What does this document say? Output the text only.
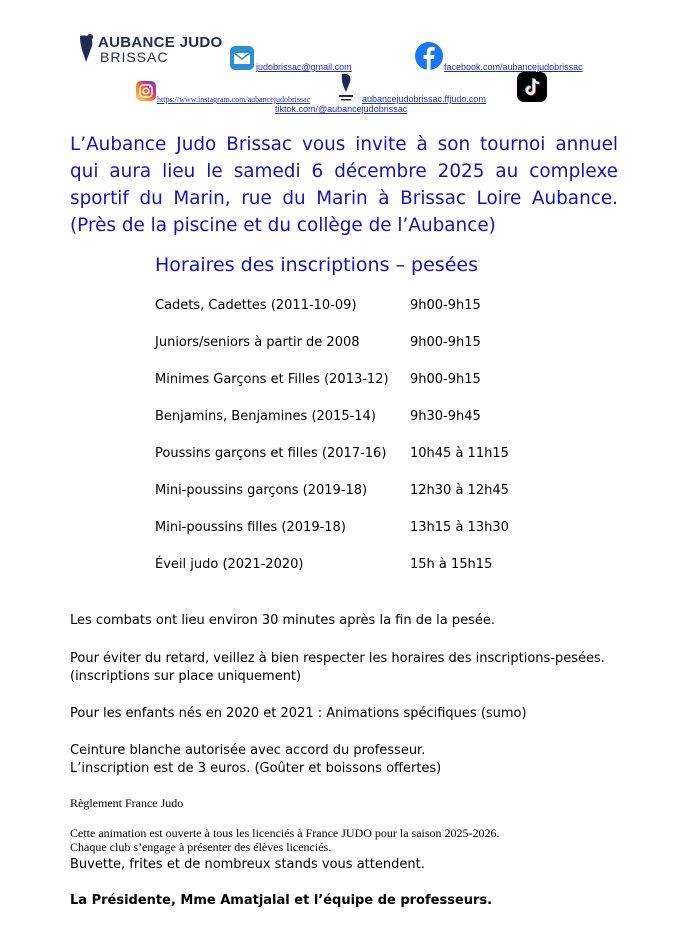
AUBANCE JUDO
BRISSAC
judobrissac@gmail.com	facebook.com/aubancejudobrissac
https://www.instagram.com/aubancejudobrissac	aubancejudobrissac.ffjudo.com
tiktok.com/@aubancejudobrissac
L’Aubance Judo Brissac vous invite à son tournoi annuel qui aura lieu le samedi 6 décembre 2025 au complexe sportif du Marin, rue du Marin à Brissac Loire Aubance. (Près de la piscine et du collège de l’Aubance)
Horaires des inscriptions – pesées
Cadets, Cadettes (2011-10-09)	9h00-9h15
Juniors/seniors à partir de 2008	9h00-9h15
Minimes Garçons et Filles (2013-12) 9h00-9h15
Benjamins, Benjamines (2015-14)	9h30-9h45
Poussins garçons et filles (2017-16) 10h45 à 11h15
Mini-poussins garçons (2019-18)	12h30 à 12h45
Mini-poussins filles (2019-18)	13h15 à 13h30
Éveil judo (2021-2020)	15h à 15h15
Les combats ont lieu environ 30 minutes après la fin de la pesée.
Pour éviter du retard, veillez à bien respecter les horaires des inscriptions-pesées.
(inscriptions sur place uniquement)
Pour les enfants nés en 2020 et 2021 : Animations spécifiques (sumo)
Ceinture blanche autorisée avec accord du professeur.
L’inscription est de 3 euros. (Goûter et boissons offertes)
Règlement France Judo
Cette animation est ouverte à tous les licenciés à France JUDO pour la saison 2025-2026.
Chaque club s’engage à présenter des élèves licenciés.
Buvette, frites et de nombreux stands vous attendent.
La Présidente, Mme Amatjalal et l’équipe de professeurs.
